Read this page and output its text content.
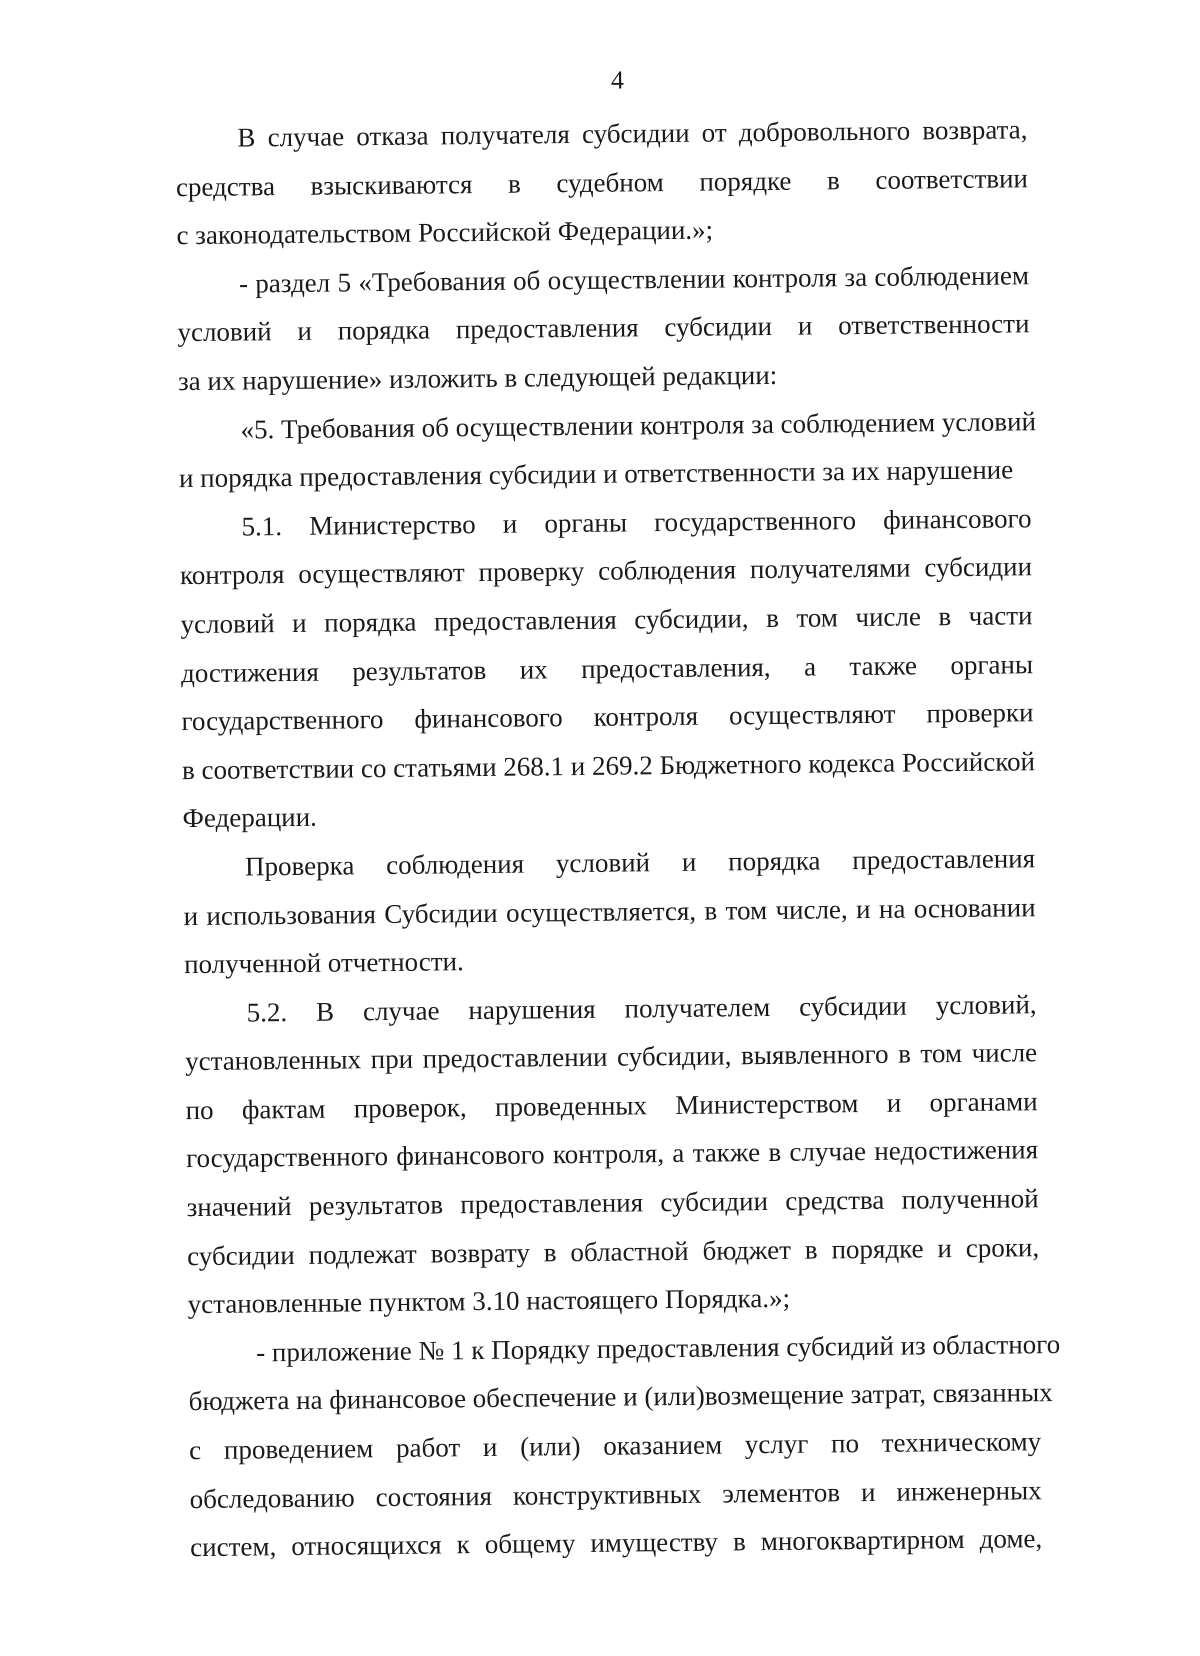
4
В случае отказа получателя субсидии от добровольного возврата,
средства взыскиваются в судебном порядке в соответствии
с законодательством Российской Федерации.»;
- раздел 5 «Требования об осуществлении контроля за соблюдением
условий и порядка предоставления субсидии и ответственности
за их нарушение» изложить в следующей редакции:
«5. Требования об осуществлении контроля за соблюдением условий
и порядка предоставления субсидии и ответственности за их нарушение
5.1. Министерство и органы государственного финансового
контроля осуществляют проверку соблюдения получателями субсидии
условий и порядка предоставления субсидии, в том числе в части
достижения результатов их предоставления, а также органы
государственного финансового контроля осуществляют проверки
в соответствии со статьями 268.1 и 269.2 Бюджетного кодекса Российской
Федерации.
Проверка соблюдения условий и порядка предоставления
и использования Субсидии осуществляется, в том числе, и на основании
полученной отчетности.
5.2. В случае нарушения получателем субсидии условий,
установленных при предоставлении субсидии, выявленного в том числе
по фактам проверок, проведенных Министерством и органами
государственного финансового контроля, а также в случае недостижения
значений результатов предоставления субсидии средства полученной
субсидии подлежат возврату в областной бюджет в порядке и сроки,
установленные пунктом 3.10 настоящего Порядка.»;
- приложение № 1 к Порядку предоставления субсидий из областного
бюджета на финансовое обеспечение и (или)возмещение затрат, связанных
с проведением работ и (или) оказанием услуг по техническому
обследованию состояния конструктивных элементов и инженерных
систем, относящихся к общему имуществу в многоквартирном доме,
